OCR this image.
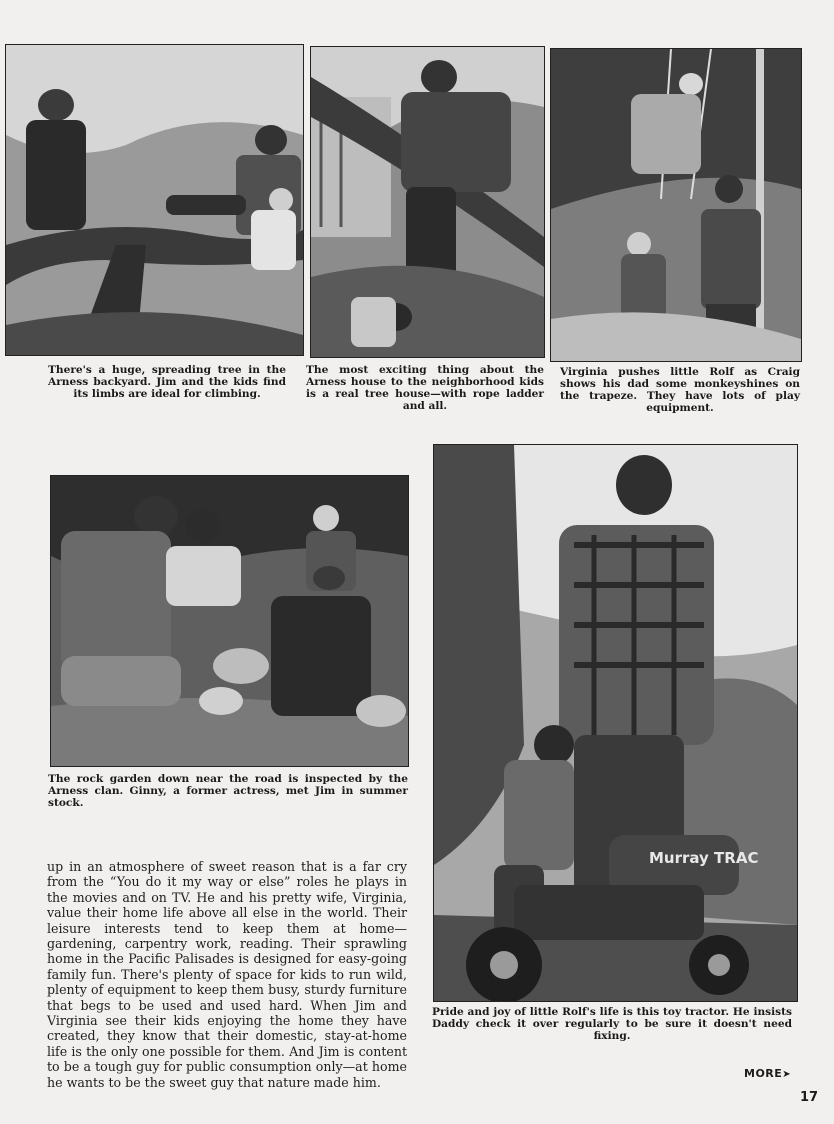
There's a huge, spreading tree in the Arness backyard. Jim and the kids find its limbs are ideal for climbing.
The most exciting thing about the Arness house to the neighborhood kids is a real tree house—with rope ladder and all.
Virginia pushes little Rolf as Craig shows his dad some monkeyshines on the trapeze. They have lots of play equipment.
The rock garden down near the road is inspected by the Arness clan. Ginny, a former actress, met Jim in summer stock.
Murray TRAC
Pride and joy of little Rolf's life is this toy tractor. He insists Daddy check it over regularly to be sure it doesn't need fixing.

up in an atmosphere of sweet reason that is a far cry from the “You do it my way or else” roles he plays in the movies and on TV. He and his pretty wife, Virginia, value their home life above all else in the world. Their leisure interests tend to keep them at home—gardening, carpentry work, reading. Their sprawling home in the Pacific Palisades is designed for easy-going family fun. There's plenty of space for kids to run wild, plenty of equipment to keep them busy, sturdy furniture that begs to be used and used hard. When Jim and Virginia see their kids enjoying the home they have created, they know that their domestic, stay-at-home life is the only one possible for them. And Jim is content to be a tough guy for public consumption only—at home he wants to be the sweet guy that nature made him.

MORE➤
17
